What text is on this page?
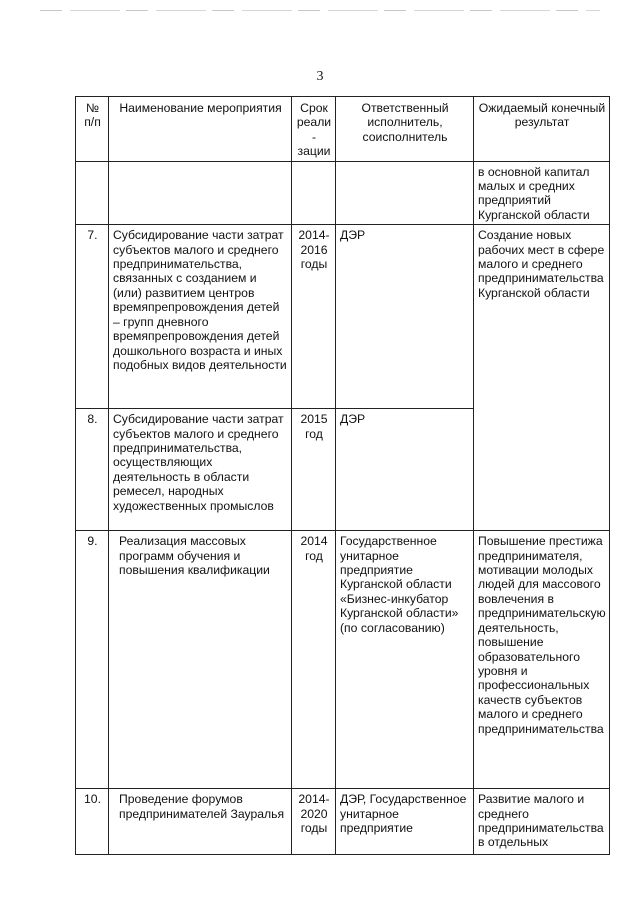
3
№ п/п	Наименование мероприятия	Срок реали- зации	Ответственный исполнитель, соисполнитель	Ожидаемый конечный результат
				в основной капитал малых и средних предприятий Курганской области
7.	Субсидирование части затрат субъектов малого и среднего предпринимательства, связанных с созданием и (или) развитием центров времяпрепровождения детей – групп дневного времяпрепровождения детей дошкольного возраста и иных подобных видов деятельности	2014- 2016 годы	ДЭР	Создание новых рабочих мест в сфере малого и среднего предпринимательства Курганской области
8.	Субсидирование части затрат субъектов малого и среднего предпринимательства, осуществляющих деятельность в области ремесел, народных художественных промыслов	2015 год	ДЭР	
9.	Реализация массовых программ обучения и повышения квалификации	2014 год	Государственное унитарное предприятие Курганской области «Бизнес-инкубатор Курганской области» (по согласованию)	Повышение престижа предпринимателя, мотивации молодых людей для массового вовлечения в предпринимательскую деятельность, повышение образовательного уровня и профессиональных качеств субъектов малого и среднего предпринимательства
10.	Проведение форумов предпринимателей Зауралья	2014- 2020 годы	ДЭР, Государственное унитарное предприятие	Развитие малого и среднего предпринимательства в отдельных
